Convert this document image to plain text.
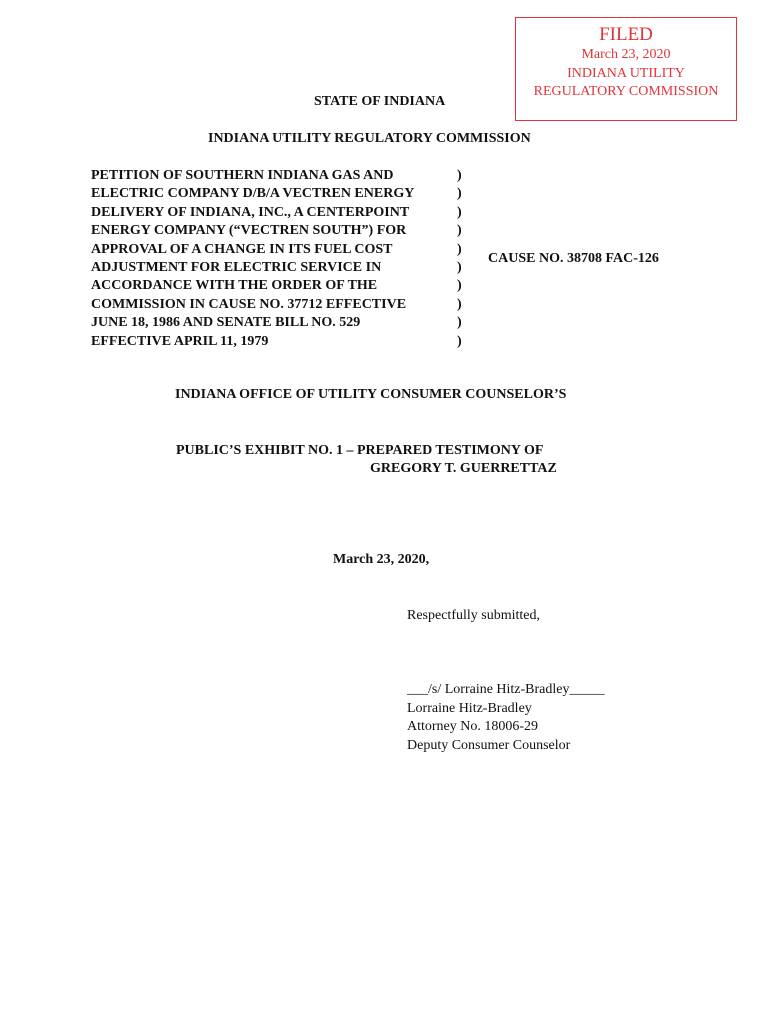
FILED
March 23, 2020
INDIANA UTILITY
REGULATORY COMMISSION
STATE OF INDIANA
INDIANA UTILITY REGULATORY COMMISSION
PETITION OF SOUTHERN INDIANA GAS AND
ELECTRIC COMPANY D/B/A VECTREN ENERGY
DELIVERY OF INDIANA, INC., A CENTERPOINT
ENERGY COMPANY (“VECTREN SOUTH”) FOR
APPROVAL OF A CHANGE IN ITS FUEL COST
ADJUSTMENT FOR ELECTRIC SERVICE IN
ACCORDANCE WITH THE ORDER OF THE
COMMISSION IN CAUSE NO. 37712 EFFECTIVE
JUNE 18, 1986 AND SENATE BILL NO. 529
EFFECTIVE APRIL 11, 1979
)
)
)
)
)
)
)
)
)
)
CAUSE NO. 38708 FAC-126
INDIANA OFFICE OF UTILITY CONSUMER COUNSELOR’S
PUBLIC’S EXHIBIT NO. 1 – PREPARED TESTIMONY OF
GREGORY T. GUERRETTAZ
March 23, 2020,
Respectfully submitted,
___/s/ Lorraine Hitz-Bradley_____
Lorraine Hitz-Bradley
Attorney No. 18006-29
Deputy Consumer Counselor
